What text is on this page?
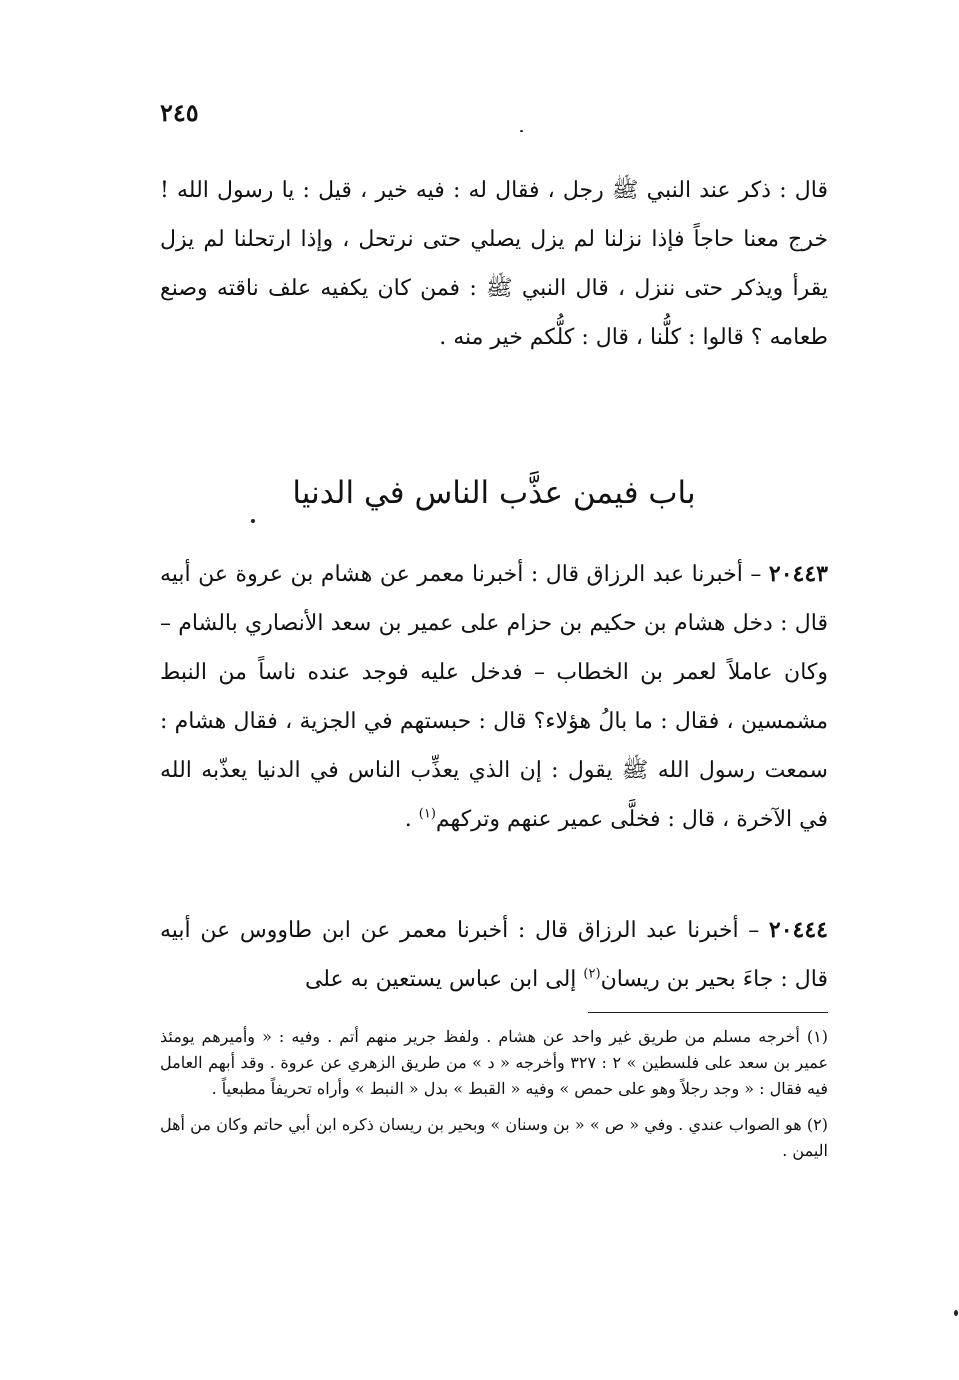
٢٤٥

قال : ذكر عند النبي ﷺ رجل ، فقال له : فيه خير ، قيل : يا رسول الله ! خرج معنا حاجاً فإذا نزلنا لم يزل يصلي حتى نرتحل ، وإذا ارتحلنا لم يزل يقرأ ويذكر حتى ننزل ، قال النبي ﷺ : فمن كان يكفيه علف ناقته وصنع طعامه ؟ قالوا : كلُّنا ، قال : كلُّكم خير منه .

باب فيمن عذَّب الناس في الدنيا

٢٠٤٤٣ – أخبرنا عبد الرزاق قال : أخبرنا معمر عن هشام بن عروة عن أبيه قال : دخل هشام بن حكيم بن حزام على عمير بن سعد الأنصاري بالشام – وكان عاملاً لعمر بن الخطاب – فدخل عليه فوجد عنده ناساً من النبط مشمسين ، فقال : ما بالُ هؤلاء؟ قال : حبستهم في الجزية ، فقال هشام : سمعت رسول الله ﷺ يقول : إن الذي يعذِّب الناس في الدنيا يعذّبه الله في الآخرة ، قال : فخلَّى عمير عنهم وتركهم$^{(١)}$ .

٢٠٤٤٤ – أخبرنا عبد الرزاق قال : أخبرنا معمر عن ابن طاووس عن أبيه قال : جاءَ بحير بن ريسان$^{(٢)}$ إلى ابن عباس يستعين به على

(١) أخرجه مسلم من طريق غير واحد عن هشام . ولفظ جرير منهم أتم . وفيه : « وأميرهم يومئذ عمير بن سعد على فلسطين » ٢ : ٣٢٧ وأخرجه « د » من طريق الزهري عن عروة . وقد أبهم العامل فيه فقال : « وجد رجلاً وهو على حمص » وفيه « القبط » بدل « النبط » وأراه تحريفاً مطبعياً .

(٢) هو الصواب عندي . وفي « ص » « بن وسنان » وبحير بن ريسان ذكره ابن أبي حاتم وكان من أهل اليمن .
